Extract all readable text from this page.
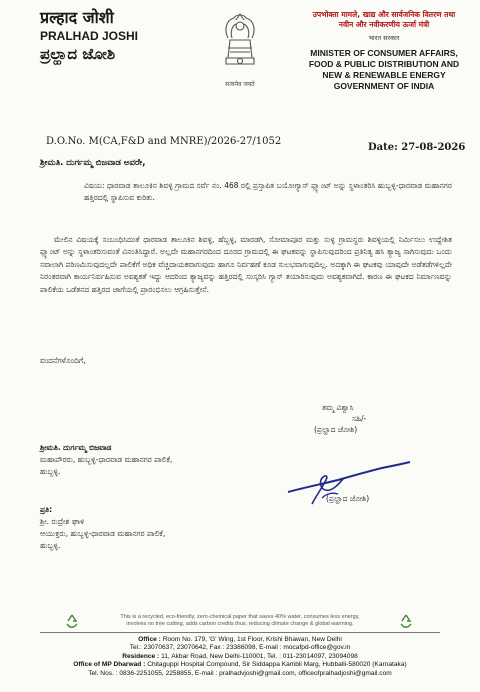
प्रल्हाद जोशी
PRALHAD JOSHI
ಪ್ರಲ್ಹಾದ ಜೋಶಿ
सत्यमेव जयते
उपभोक्ता मामले, खाद्य और सार्वजनिक वितरण तथा
नवीन और नवीकरणीय ऊर्जा मंत्री
भारत सरकार
MINISTER OF CONSUMER AFFAIRS,
FOOD & PUBLIC DISTRIBUTION AND
NEW & RENEWABLE ENERGY
GOVERNMENT OF INDIA
D.O.No. M(CA,F&D and MNRE)/2026-27/1052
Date: 27-08-2026
ಶ್ರೀಮತಿ. ದುರ್ಗಮ್ಮ ಬಿಜವಾಡ ಅವರೇ,
ವಿಷಯ: ಧಾರವಾಡ ತಾಲೂಕಿನ ಶಿವಳ್ಳಿ ಗ್ರಾಮದ ಸರ್ವೆ ನಂ. 468 ರಲ್ಲಿ ಪ್ರಸ್ತಾಪಿತ ಬಯೋಗ್ಯಾಸ್ ಪ್ಲ್ಯಾಂಟ್ ಅನ್ನು ಸ್ಥಳಾಂತರಿಸಿ ಹುಬ್ಬಳ್ಳಿ-ಧಾರವಾಡ ಮಹಾನಗರ ಹತ್ತಿರದಲ್ಲಿ ಸ್ಥಾಪಿಸುವ ಕುರಿತು.
ಮೇಲಿನ ವಿಷಯಕ್ಕೆ ಸಂಬಂಧಿಸಿದಂತೆ ಧಾರವಾಡ ತಾಲೂಕಿನ ಶಿವಳ್ಳಿ, ಹೆಬ್ಬಳ್ಳಿ, ಮಾರಡಗಿ, ಸೋಮಾಪೂರ ಮತ್ತು ಸುಳ್ಳ ಗ್ರಾಮಸ್ಥರು ಶಿವಳ್ಳಿಯಲ್ಲಿ ನಿರ್ಮಿಸಲು ಉದ್ದೇಶಿತ ಪ್ಲ್ಯಾಂಟ್ ಅನ್ನು ಸ್ಥಳಾಂತರಿಸುವಂತೆ ವಿನಂತಿಸಿದ್ದಾರೆ. ಅಲ್ಲದೇ ಮಹಾನಗರದಿಂದ ದೂರದ ಗ್ರಾಮದಲ್ಲಿ ಈ ಘಟಕವನ್ನು ಸ್ಥಾಪಿಸುವುದರಿಂದ ಪ್ರತಿನಿತ್ಯ ಹಸಿ ತ್ಯಾಜ್ಯ ಸಾಗಿಸುವುದು ಒಂದು ಸವಾಲಾಗಿ ಪರಿಣಮಿಸುವುದಲ್ಲದೇ ಪಾಲಿಕೆಗೆ ಅಧಿಕ ವೆಚ್ಚದಾಯಕವಾಗುವುದು ಹಾಗೂ ನಿರ್ವಹಣೆ ಕೂಡ ಸುಲಭವಾಗುವುದಿಲ್ಲ. ಅದಕ್ಕಾಗಿ ಈ ಘಟಕವು ಯಾವುದೇ ಅಡೆತಡೆಗಳಿಲ್ಲದೇ ನಿರಂತರವಾಗಿ ಕಾರ್ಯನಿರ್ವಹಿಸುವ ಅವಶ್ಯಕತೆ ಇದ್ದು ಆದರಿಂದ ತ್ಯಾಜ್ಯವನ್ನು ಹತ್ತಿರದಲ್ಲಿ ಸಂಸ್ಕರಿಸಿ ಗ್ಯಾಸ್ ತಯಾರಿಸುವುದು ಅವಶ್ಯಕವಾಗಿದೆ. ಕಾರಣ ಈ ಘಟಕದ ನಿರ್ಮಾಣವನ್ನು ಪಾಲಿಕೆಯ ಒಡೆತನದ ಹತ್ತಿರದ ಜಾಗೆಯಲ್ಲಿ ಪ್ರಾರಂಭಿಸಲು ಆಗ್ರಹಿಸುತ್ತೇನೆ.
ವಂದನೆಗಳೊಂದಿಗೆ,
ತಮ್ಮ ವಿಶ್ವಾಸಿ
ಸಹಿ/-
(ಪ್ರಲ್ಹಾದ ಜೋಶಿ)
ಶ್ರೀಮತಿ. ದುರ್ಗಮ್ಮ ಬಿಜವಾಡ
ಮಹಾಪೌರರು, ಹುಬ್ಬಳ್ಳಿ-ಧಾರವಾಡ ಮಹಾನಗರ ಪಾಲಿಕೆ,
ಹುಬ್ಬಳ್ಳಿ.
(ಪ್ರಲ್ಹಾದ ಜೋಶಿ)
ಪ್ರತಿ:
ಶ್ರೀ. ರುದ್ರೇಶ ಘಾಳಿ
ಆಯುಕ್ತರು, ಹುಬ್ಬಳ್ಳಿ-ಧಾರವಾಡ ಮಹಾನಗರ ಪಾಲಿಕೆ,
ಹುಬ್ಬಳ್ಳಿ.
This is a recycled, eco-friendly, zero-chemical paper that saves 40% water, consumes less energy,
involves no tree cutting, adds carbon credits thus, reducing climate change & global warming.
Office : Room No. 179, 'G' Wing, 1st Floor, Krishi Bhawan, New Delhi
Tel.: 23070637, 23070642, Fax : 23386098, E-mail : mocafpd-office@gov.in
Residence : 11, Akbar Road, New Delhi-110001, Tel. : 011-23014097, 23094098
Office of MP Dharwad : Chitaguppi Hospital Compound, Sir Siddappa Kambli Marg, Hubballi-580020 (Karnataka)
Tel. Nos. : 0836-2251055, 2258855, E-mail : pralhadvjoshi@gmail.com, officeofpralhadjoshi@gmail.com
